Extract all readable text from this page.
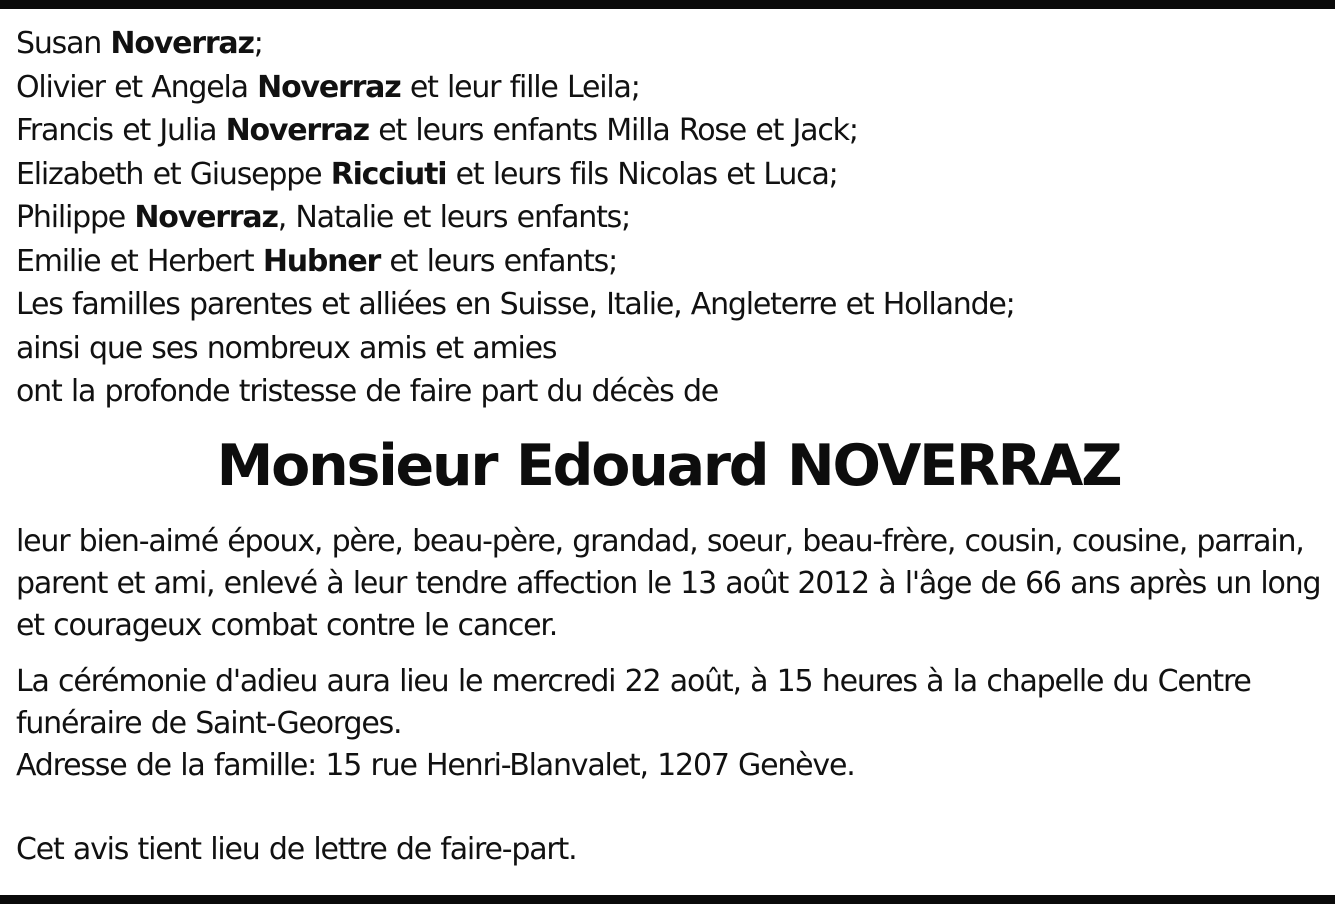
Susan Noverraz;
Olivier et Angela Noverraz et leur fille Leila;
Francis et Julia Noverraz et leurs enfants Milla Rose et Jack;
Elizabeth et Giuseppe Ricciuti et leurs fils Nicolas et Luca;
Philippe Noverraz, Natalie et leurs enfants;
Emilie et Herbert Hubner et leurs enfants;
Les familles parentes et alliées en Suisse, Italie, Angleterre et Hollande;
ainsi que ses nombreux amis et amies
ont la profonde tristesse de faire part du décès de
Monsieur Edouard NOVERRAZ
leur bien-aimé époux, père, beau-père, grandad, soeur, beau-frère, cousin, cousine, parrain, parent et ami, enlevé à leur tendre affection le 13 août 2012 à l'âge de 66 ans après un long et courageux combat contre le cancer.
La cérémonie d'adieu aura lieu le mercredi 22 août, à 15 heures à la chapelle du Centre funéraire de Saint-Georges.
Adresse de la famille: 15 rue Henri-Blanvalet, 1207 Genève.
Cet avis tient lieu de lettre de faire-part.
